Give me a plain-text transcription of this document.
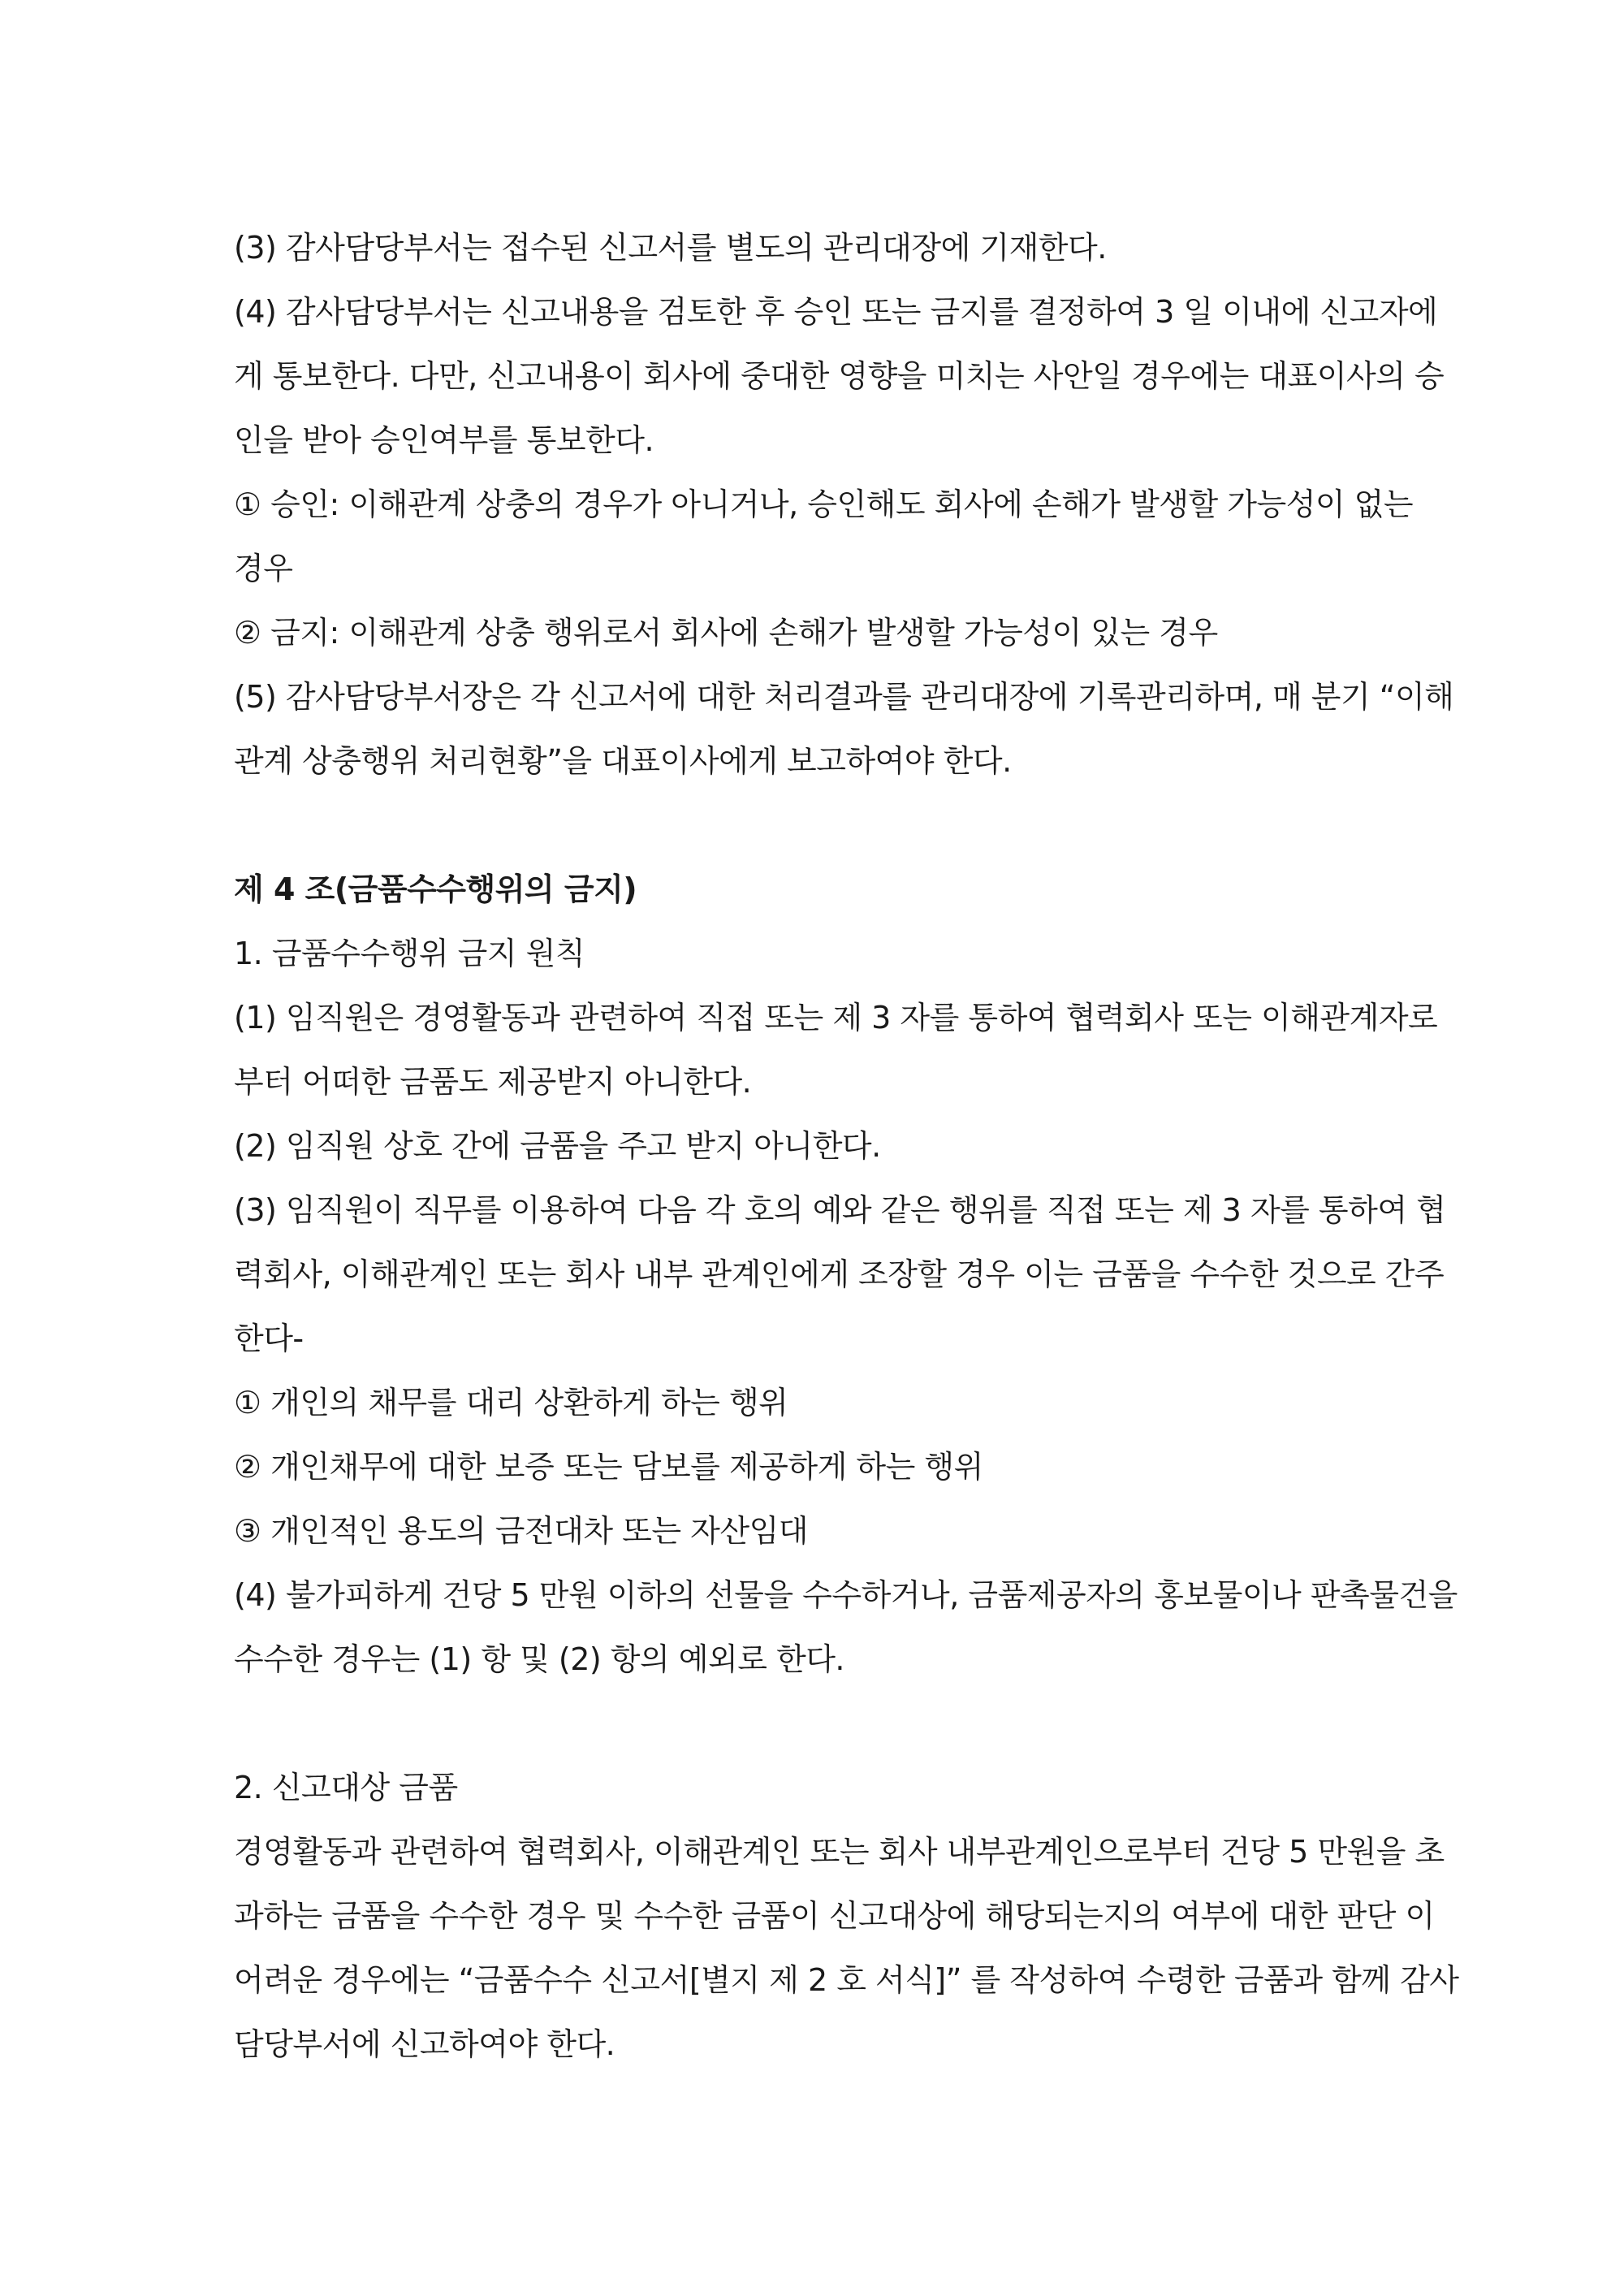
(3) 감사담당부서는 접수된 신고서를 별도의 관리대장에 기재한다.
(4) 감사담당부서는 신고내용을 검토한 후 승인 또는 금지를 결정하여 3 일 이내에 신고자에
게 통보한다. 다만, 신고내용이 회사에 중대한 영향을 미치는 사안일 경우에는 대표이사의 승
인을 받아 승인여부를 통보한다.
① 승인: 이해관계 상충의 경우가 아니거나, 승인해도 회사에 손해가 발생할 가능성이 없는
경우
② 금지: 이해관계 상충 행위로서 회사에 손해가 발생할 가능성이 있는 경우
(5) 감사담당부서장은 각 신고서에 대한 처리결과를 관리대장에 기록관리하며, 매 분기 “이해
관계 상충행위 처리현황”을 대표이사에게 보고하여야 한다.
제 4 조(금품수수행위의 금지)
1. 금품수수행위 금지 원칙
(1) 임직원은 경영활동과 관련하여 직접 또는 제 3 자를 통하여 협력회사 또는 이해관계자로
부터 어떠한 금품도 제공받지 아니한다.
(2) 임직원 상호 간에 금품을 주고 받지 아니한다.
(3) 임직원이 직무를 이용하여 다음 각 호의 예와 같은 행위를 직접 또는 제 3 자를 통하여 협
력회사, 이해관계인 또는 회사 내부 관계인에게 조장할 경우 이는 금품을 수수한 것으로 간주
한다-
① 개인의 채무를 대리 상환하게 하는 행위
② 개인채무에 대한 보증 또는 담보를 제공하게 하는 행위
③ 개인적인 용도의 금전대차 또는 자산임대
(4) 불가피하게 건당 5 만원 이하의 선물을 수수하거나, 금품제공자의 홍보물이나 판촉물건을
수수한 경우는 (1) 항 및 (2) 항의 예외로 한다.
2. 신고대상 금품
경영활동과 관련하여 협력회사, 이해관계인 또는 회사 내부관계인으로부터 건당 5 만원을 초
과하는 금품을 수수한 경우 및 수수한 금품이 신고대상에 해당되는지의 여부에 대한 판단 이
어려운 경우에는 “금품수수 신고서[별지 제 2 호 서식]” 를 작성하여 수령한 금품과 함께 감사
담당부서에 신고하여야 한다.
